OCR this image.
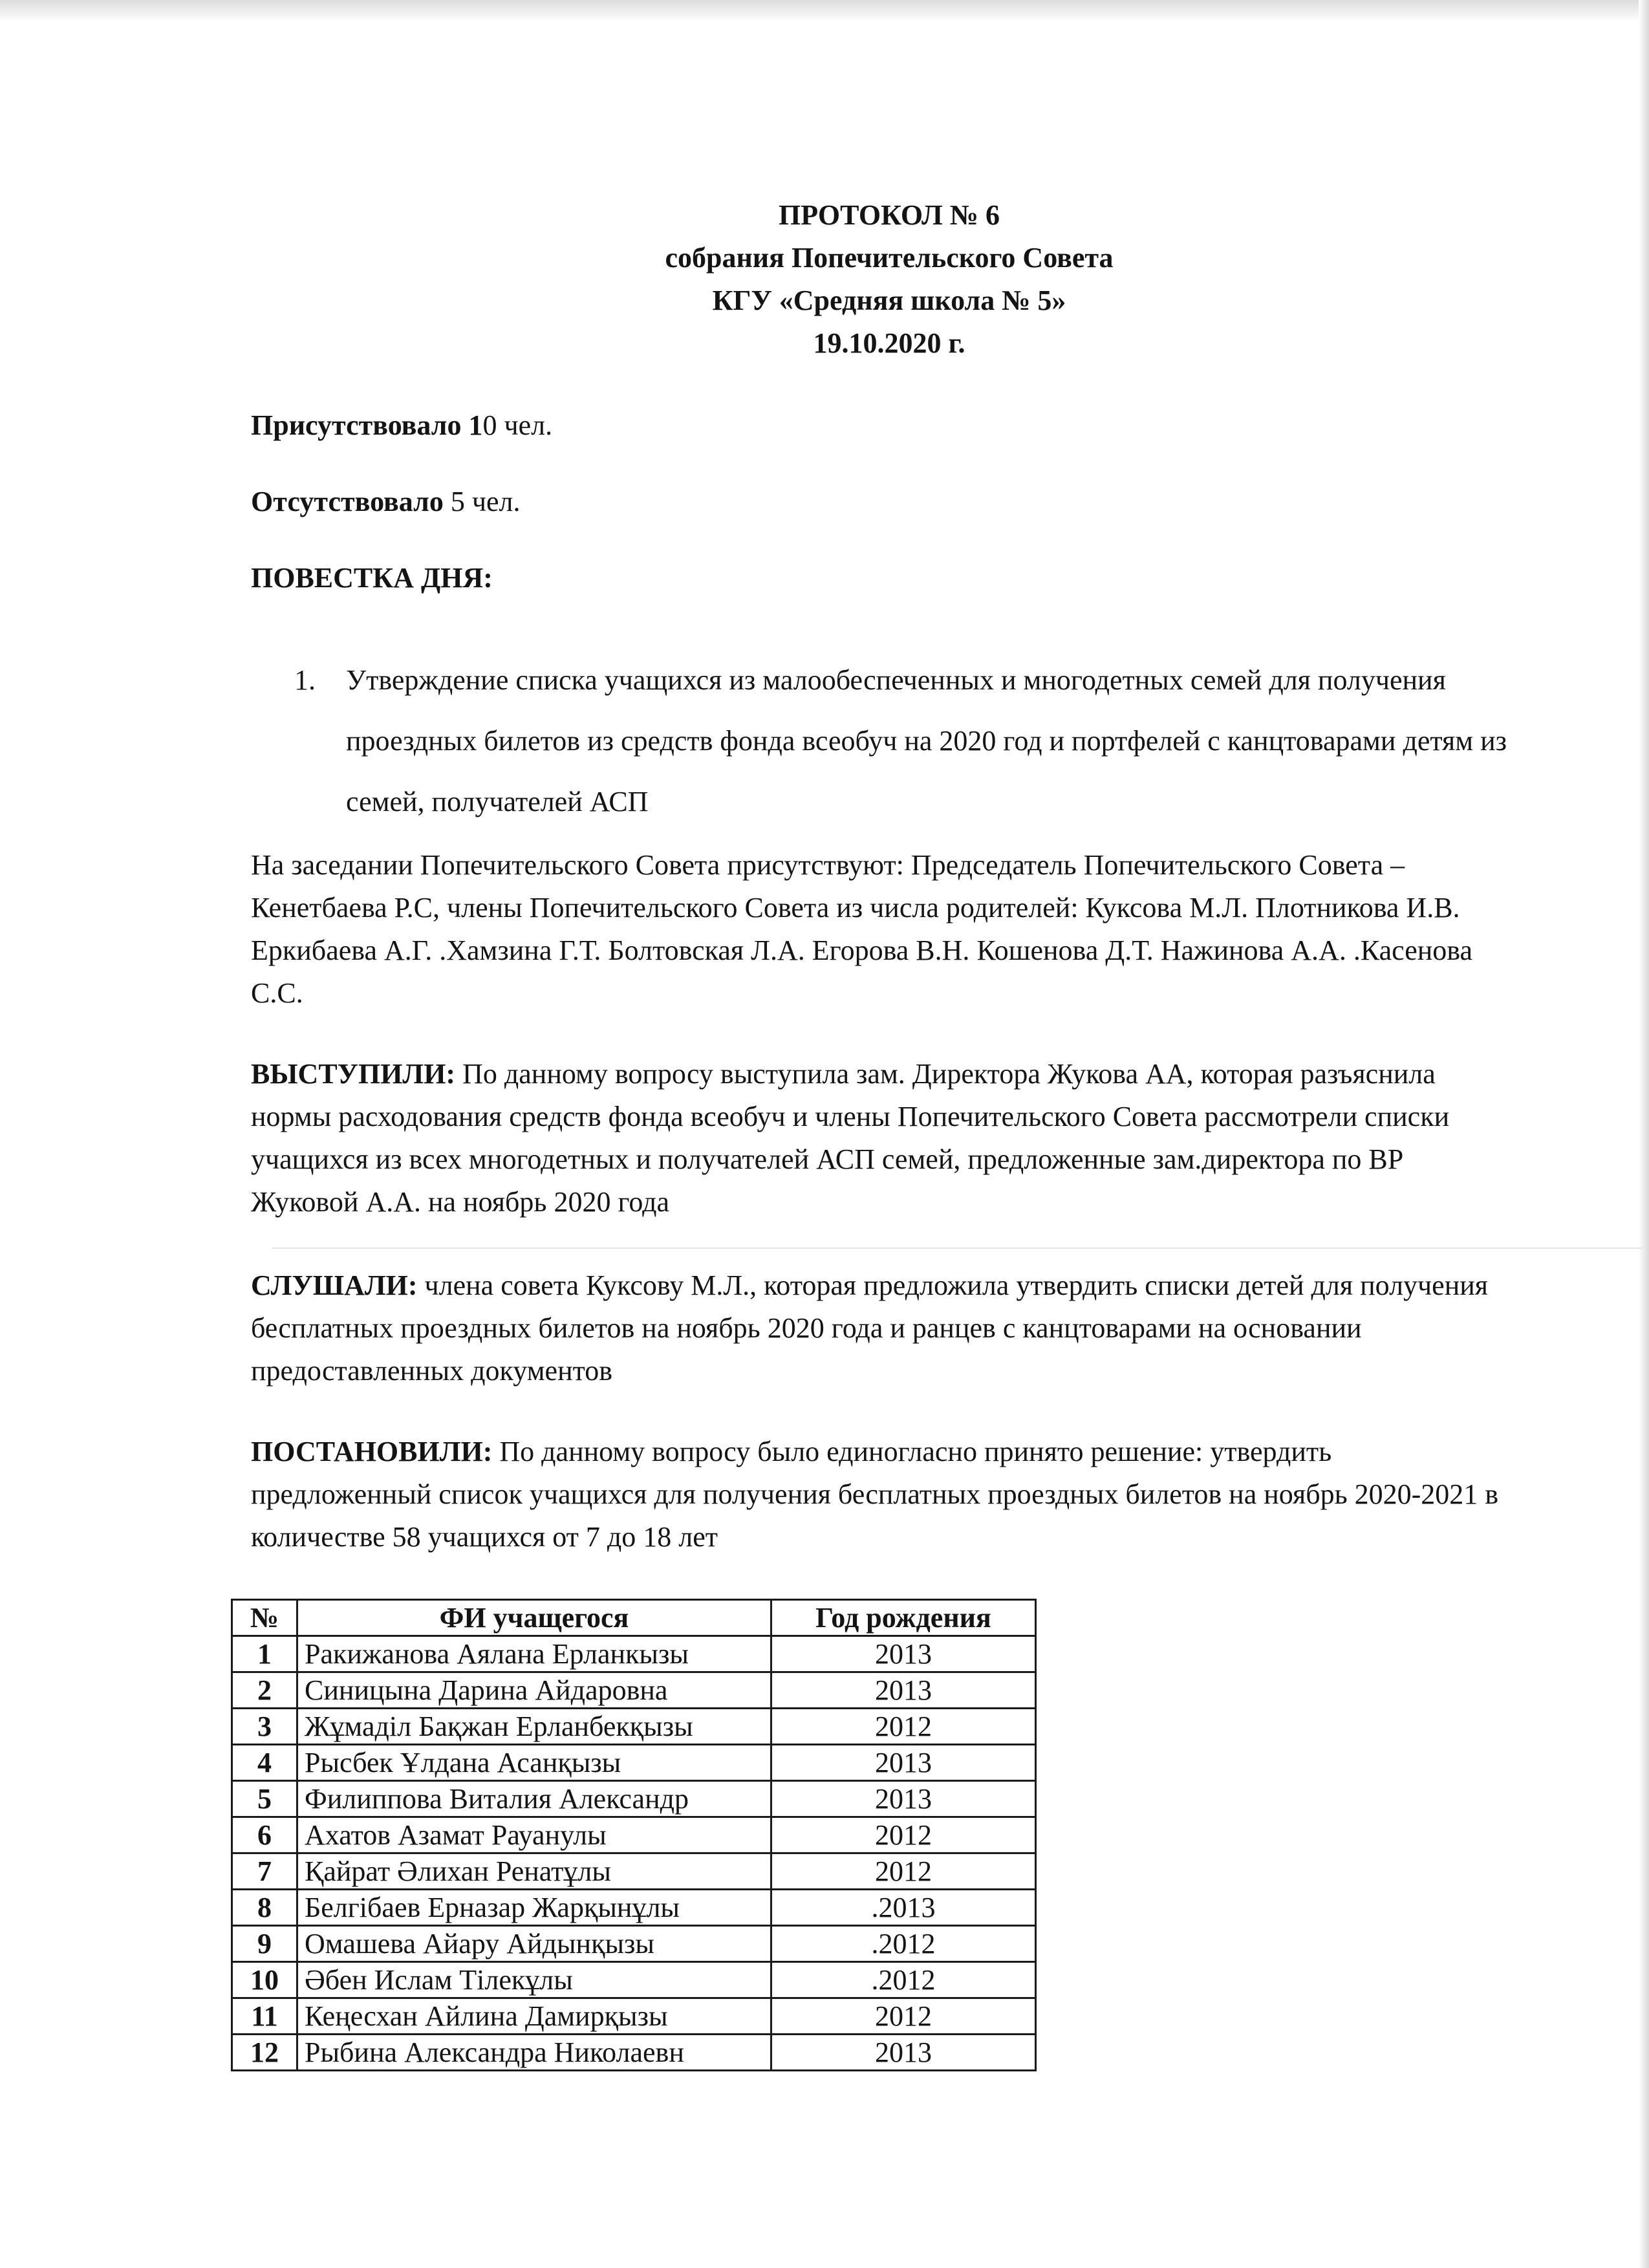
ПРОТОКОЛ № 6
собрания Попечительского Совета
КГУ «Средняя школа № 5»
19.10.2020 г.
Присутствовало 10 чел.
Отсутствовало 5 чел.
ПОВЕСТКА ДНЯ:
1. Утверждение списка учащихся из малообеспеченных и многодетных семей для получения проездных билетов из средств фонда всеобуч на 2020 год и портфелей с канцтоварами детям из семей, получателей АСП
На заседании Попечительского Совета присутствуют: Председатель Попечительского Совета – Кенетбаева Р.С, члены Попечительского Совета из числа родителей: Куксова М.Л. Плотникова И.В. Еркибаева А.Г. .Хамзина Г.Т. Болтовская Л.А. Егорова В.Н. Кошенова Д.Т. Нажинова А.А. .Касенова С.С.
ВЫСТУПИЛИ: По данному вопросу выступила зам. Директора Жукова АА, которая разъяснила нормы расходования средств фонда всеобуч и члены Попечительского Совета рассмотрели списки учащихся из всех многодетных и получателей АСП семей, предложенные зам.директора по ВР Жуковой А.А. на ноябрь 2020 года
СЛУШАЛИ: члена совета Куксову М.Л., которая предложила утвердить списки детей для получения бесплатных проездных билетов на ноябрь 2020 года и ранцев с канцтоварами на основании предоставленных документов
ПОСТАНОВИЛИ: По данному вопросу было единогласно принято решение: утвердить предложенный список учащихся для получения бесплатных проездных билетов на ноябрь 2020-2021 в количестве 58 учащихся от 7 до 18 лет
№	ФИ учащегося	Год рождения
1	Ракижанова Аялана Ерланкызы	2013
2	Синицына Дарина Айдаровна	2013
3	Жұмаділ Бақжан Ерланбекқызы	2012
4	Рысбек Ұлдана Асанқызы	2013
5	Филиппова Виталия Александр	2013
6	Ахатов Азамат Рауанулы	2012
7	Қайрат Әлихан Ренатұлы	2012
8	Белгібаев Ерназар Жарқынұлы	.2013
9	Омашева Айару Айдынқызы	.2012
10	Әбен Ислам Тілекұлы	.2012
11	Кеңесхан Айлина Дамирқызы	2012
12	Рыбина Александра Николаевн	2013
